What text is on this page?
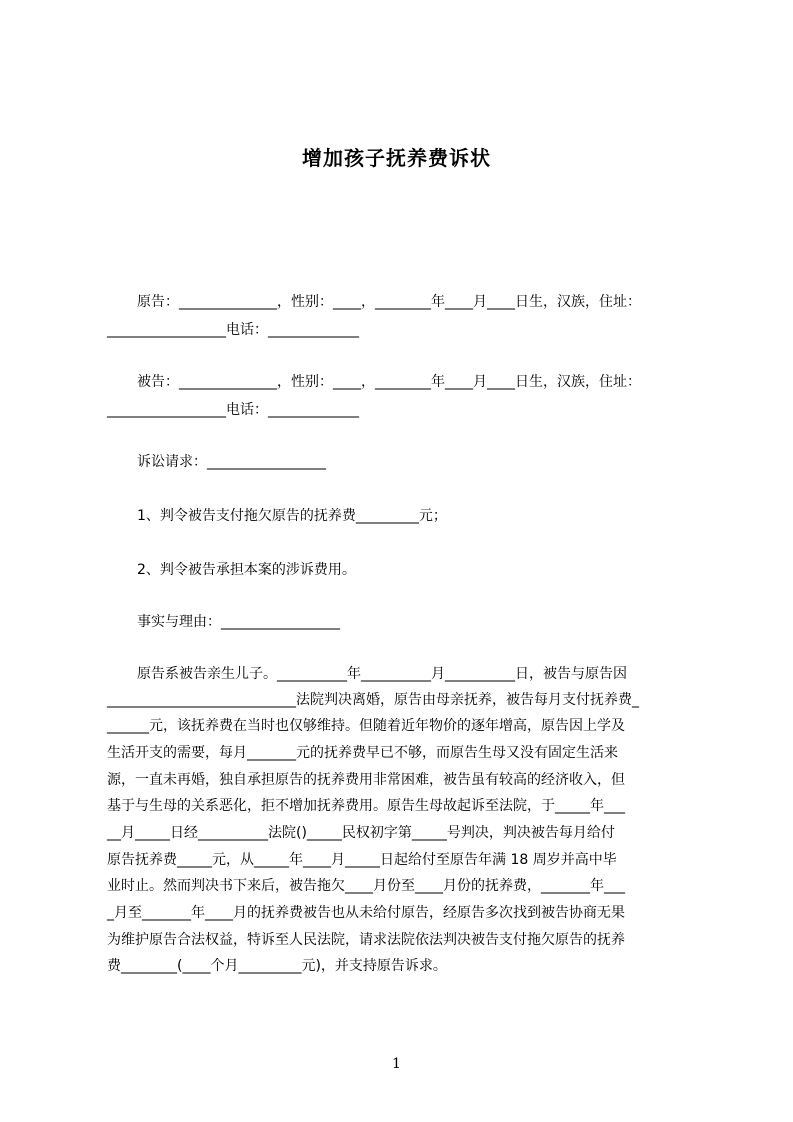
增加孩子抚养费诉状
原告：______________，性别：____，________年____月____日生，汉族，住址：
_________________电话：_____________
被告：______________，性别：____，________年____月____日生，汉族，住址：
_________________电话：_____________
诉讼请求：_________________
1、判令被告支付拖欠原告的抚养费_________元；
2、判令被告承担本案的涉诉费用。
事实与理由：_________________
原告系被告亲生儿子。__________年__________月__________日，被告与原告因
___________________________法院判决离婚，原告由母亲抚养，被告每月支付抚养费_
______元，该抚养费在当时也仅够维持。但随着近年物价的逐年增高，原告因上学及
生活开支的需要，每月_______元的抚养费早已不够，而原告生母又没有固定生活来
源，一直未再婚，独自承担原告的抚养费用非常困难，被告虽有较高的经济收入，但
基于与生母的关系恶化，拒不增加抚养费用。原告生母故起诉至法院，于_____年___
__月_____日经__________法院()_____民权初字第_____号判决，判决被告每月给付
原告抚养费_____元，从_____年____月_____日起给付至原告年满 18 周岁并高中毕
业时止。然而判决书下来后，被告拖欠____月份至____月份的抚养费，_______年___
_月至_______年____月的抚养费被告也从未给付原告，经原告多次找到被告协商无果
为维护原告合法权益，特诉至人民法院，请求法院依法判决被告支付拖欠原告的抚养
费________(____个月_________元)，并支持原告诉求。
1
